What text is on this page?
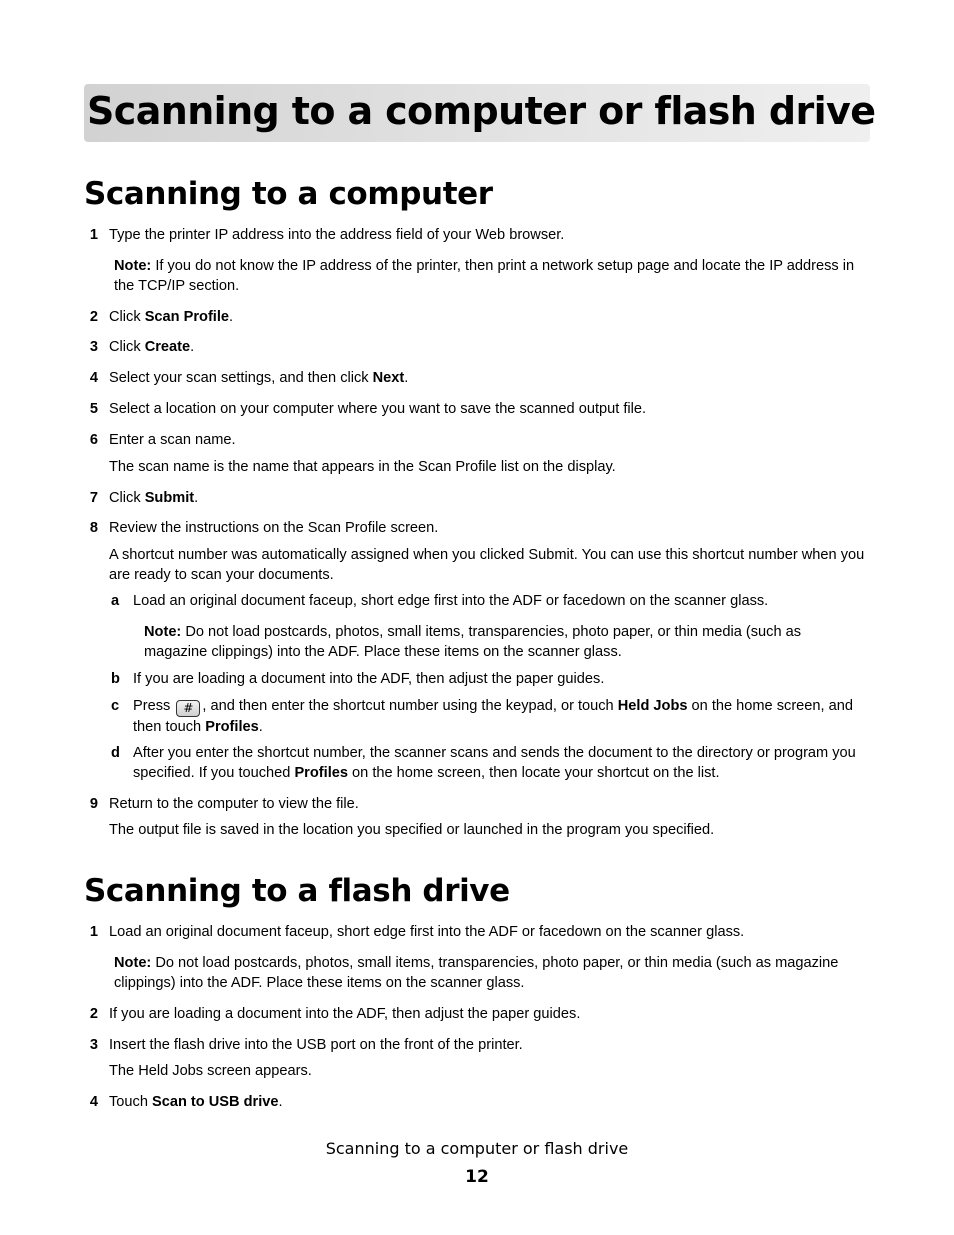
Scanning to a computer or flash drive
Scanning to a computer
1 Type the printer IP address into the address field of your Web browser.
Note: If you do not know the IP address of the printer, then print a network setup page and locate the IP address in the TCP/IP section.
2 Click Scan Profile.
3 Click Create.
4 Select your scan settings, and then click Next.
5 Select a location on your computer where you want to save the scanned output file.
6 Enter a scan name.
The scan name is the name that appears in the Scan Profile list on the display.
7 Click Submit.
8 Review the instructions on the Scan Profile screen.
A shortcut number was automatically assigned when you clicked Submit. You can use this shortcut number when you are ready to scan your documents.
a Load an original document faceup, short edge first into the ADF or facedown on the scanner glass.
Note: Do not load postcards, photos, small items, transparencies, photo paper, or thin media (such as magazine clippings) into the ADF. Place these items on the scanner glass.
b If you are loading a document into the ADF, then adjust the paper guides.
c Press # , and then enter the shortcut number using the keypad, or touch Held Jobs on the home screen, and then touch Profiles.
d After you enter the shortcut number, the scanner scans and sends the document to the directory or program you specified. If you touched Profiles on the home screen, then locate your shortcut on the list.
9 Return to the computer to view the file.
The output file is saved in the location you specified or launched in the program you specified.
Scanning to a flash drive
1 Load an original document faceup, short edge first into the ADF or facedown on the scanner glass.
Note: Do not load postcards, photos, small items, transparencies, photo paper, or thin media (such as magazine clippings) into the ADF. Place these items on the scanner glass.
2 If you are loading a document into the ADF, then adjust the paper guides.
3 Insert the flash drive into the USB port on the front of the printer.
The Held Jobs screen appears.
4 Touch Scan to USB drive.
Scanning to a computer or flash drive
12
